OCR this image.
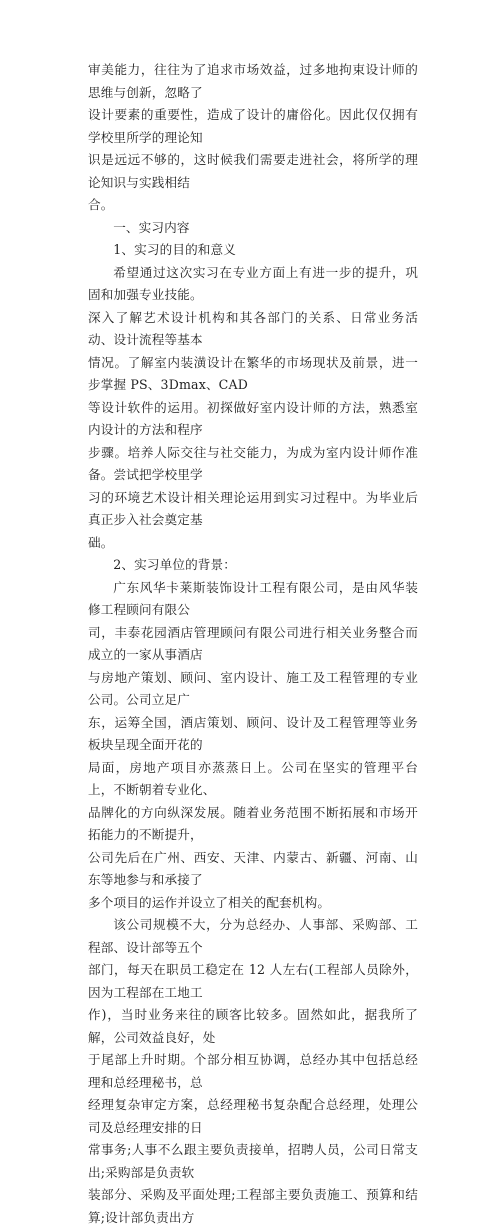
审美能力，往往为了追求市场效益，过多地拘束设计师的思维与创新，忽略了
设计要素的重要性，造成了设计的庸俗化。因此仅仅拥有学校里所学的理论知
识是远远不够的，这时候我们需要走进社会，将所学的理论知识与实践相结
合。
一、实习内容
1、实习的目的和意义
希望通过这次实习在专业方面上有进一步的提升，巩固和加强专业技能。
深入了解艺术设计机构和其各部门的关系、日常业务活动、设计流程等基本
情况。了解室内装潢设计在繁华的市场现状及前景，进一步掌握 PS、3Dmax、CAD
等设计软件的运用。初探做好室内设计师的方法，熟悉室内设计的方法和程序
步骤。培养人际交往与社交能力，为成为室内设计师作准备。尝试把学校里学
习的环境艺术设计相关理论运用到实习过程中。为毕业后真正步入社会奠定基
础。
2、实习单位的背景：
广东风华卡莱斯装饰设计工程有限公司，是由风华装修工程顾问有限公
司，丰泰花园酒店管理顾问有限公司进行相关业务整合而成立的一家从事酒店
与房地产策划、顾问、室内设计、施工及工程管理的专业公司。公司立足广
东，运筹全国，酒店策划、顾问、设计及工程管理等业务板块呈现全面开花的
局面，房地产项目亦蒸蒸日上。公司在坚实的管理平台上，不断朝着专业化、
品牌化的方向纵深发展。随着业务范围不断拓展和市场开拓能力的不断提升，
公司先后在广州、西安、天津、内蒙古、新疆、河南、山东等地参与和承接了
多个项目的运作并设立了相关的配套机构。
该公司规模不大，分为总经办、人事部、采购部、工程部、设计部等五个
部门，每天在职员工稳定在 12 人左右(工程部人员除外，因为工程部在工地工
作)，当时业务来往的顾客比较多。固然如此，据我所了解，公司效益良好，处
于尾部上升时期。个部分相互协调，总经办其中包括总经理和总经理秘书，总
经理复杂审定方案，总经理秘书复杂配合总经理，处理公司及总经理安排的日
常事务;人事不么跟主要负责接单，招聘人员，公司日常支出;采购部是负责软
装部分、采购及平面处理;工程部主要负责施工、预算和结算;设计部负责出方
